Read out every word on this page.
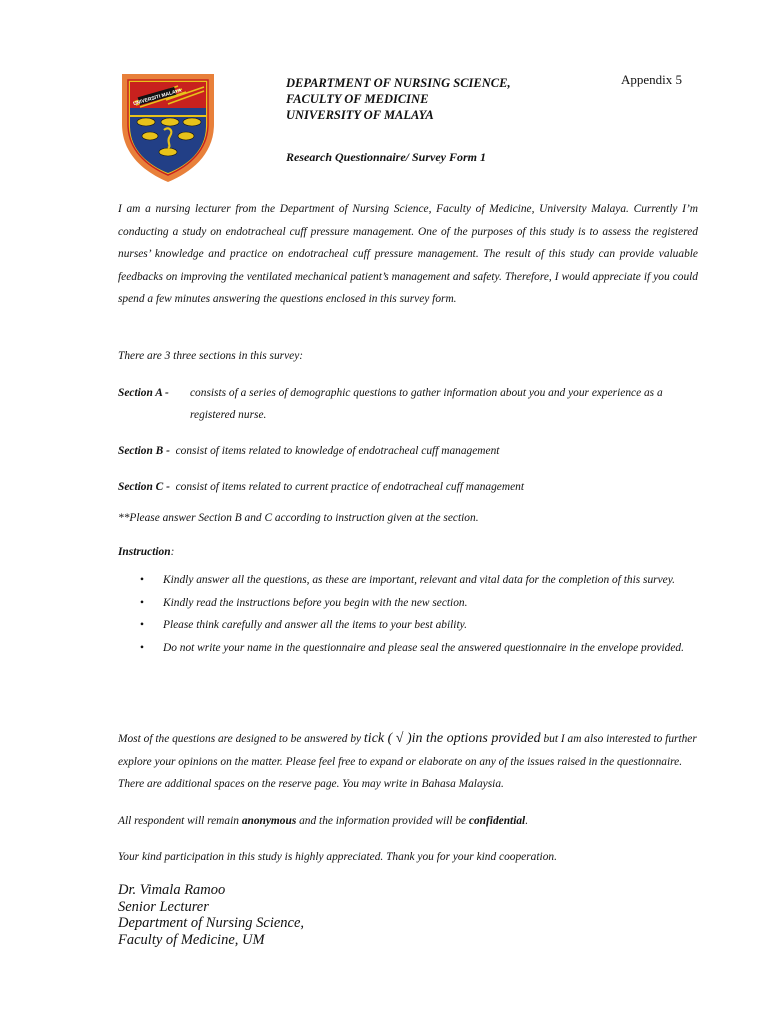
UNIVERSITI MALAYA
DEPARTMENT OF NURSING SCIENCE,
FACULTY OF MEDICINE
UNIVERSITY OF MALAYA
Appendix 5
Research Questionnaire/ Survey Form 1
I am a nursing lecturer from the Department of Nursing Science, Faculty of Medicine, University Malaya. Currently I’m conducting a study on endotracheal cuff pressure management. One of the purposes of this study is to assess the registered nurses’ knowledge and practice on endotracheal cuff pressure management. The result of this study can provide valuable feedbacks on improving the ventilated mechanical patient’s management and safety. Therefore, I would appreciate if you could spend a few minutes answering the questions enclosed in this survey form.
There are 3 three sections in this survey:
Section A - consists of a series of demographic questions to gather information about you and your experience as a registered nurse.
Section B - consist of items related to knowledge of endotracheal cuff management
Section C - consist of items related to current practice of endotracheal cuff management
**Please answer Section B and C according to instruction given at the section.
Instruction:
• Kindly answer all the questions, as these are important, relevant and vital data for the completion of this survey.
• Kindly read the instructions before you begin with the new section.
• Please think carefully and answer all the items to your best ability.
• Do not write your name in the questionnaire and please seal the answered questionnaire in the envelope provided.
Most of the questions are designed to be answered by tick ( √ )in the options provided but I am also interested to further explore your opinions on the matter. Please feel free to expand or elaborate on any of the issues raised in the questionnaire. There are additional spaces on the reserve page. You may write in Bahasa Malaysia.
All respondent will remain anonymous and the information provided will be confidential.
Your kind participation in this study is highly appreciated. Thank you for your kind cooperation.
Dr. Vimala Ramoo
Senior Lecturer
Department of Nursing Science,
Faculty of Medicine, UM
